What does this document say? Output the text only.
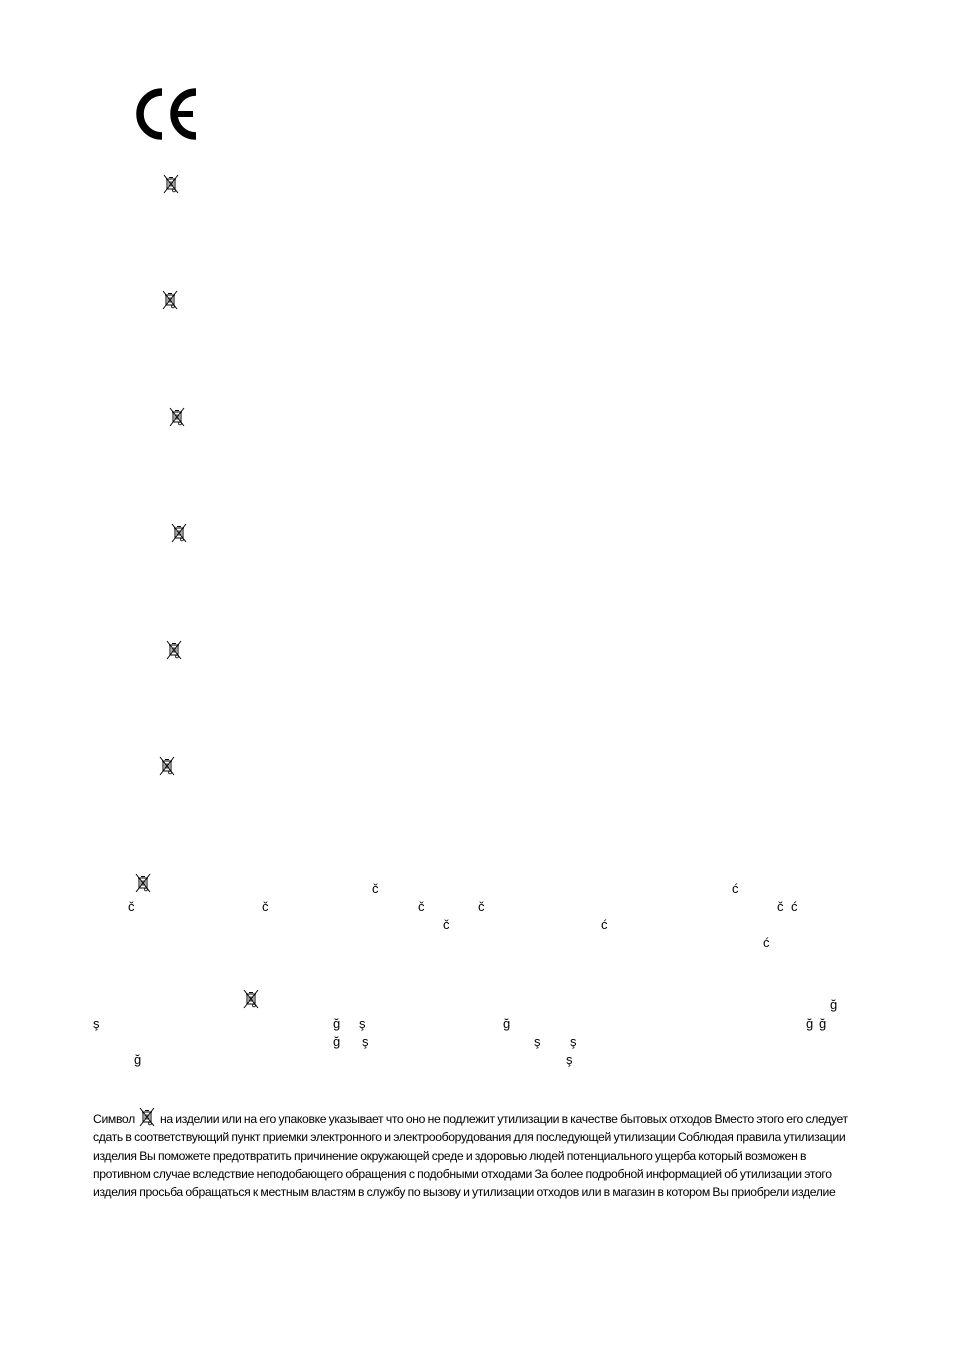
č	ć
č	č	č	č	č ć
č	ć
ć
ğ
ş	ğ ş	ğ	ğ ğ
ğ ş	ş ş
ğ	ş

Символ на изделии или на его упаковке указывает что оно не подлежит утилизации в качестве бытовых отходов Вместо этого его следует сдать в соответствующий пункт приемки электронного и электрооборудования для последующей утилизации Соблюдая правила утилизации изделия Вы поможете предотвратить причинение окружающей среде и здоровью людей потенциального ущерба который возможен в противном случае вследствие неподобающего обращения с подобными отходами За более подробной информацией об утилизации этого изделия просьба обращаться к местным властям в службу по вызову и утилизации отходов или в магазин в котором Вы приобрели изделие
